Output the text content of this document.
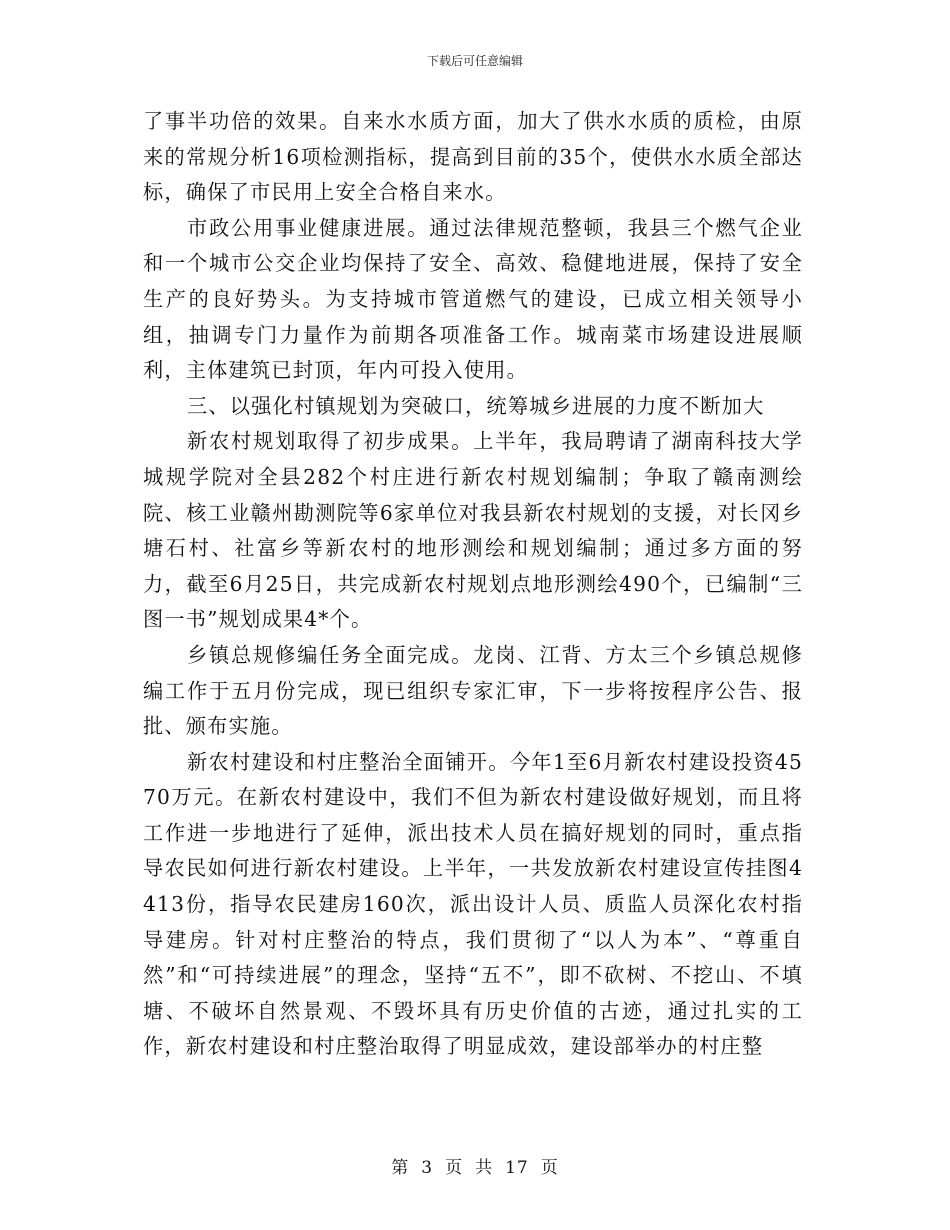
下载后可任意编辑

了事半功倍的效果。自来水水质方面，加大了供水水质的质检，由原来的常规分析16项检测指标，提高到目前的35个，使供水水质全部达标，确保了市民用上安全合格自来水。

市政公用事业健康进展。通过法律规范整顿，我县三个燃气企业和一个城市公交企业均保持了安全、高效、稳健地进展，保持了安全生产的良好势头。为支持城市管道燃气的建设，已成立相关领导小组，抽调专门力量作为前期各项准备工作。城南菜市场建设进展顺利，主体建筑已封顶，年内可投入使用。

三、以强化村镇规划为突破口，统筹城乡进展的力度不断加大

新农村规划取得了初步成果。上半年，我局聘请了湖南科技大学城规学院对全县282个村庄进行新农村规划编制；争取了赣南测绘院、核工业赣州勘测院等6家单位对我县新农村规划的支援，对长冈乡塘石村、社富乡等新农村的地形测绘和规划编制；通过多方面的努力，截至6月25日，共完成新农村规划点地形测绘490个，已编制“三图一书”规划成果4*个。

乡镇总规修编任务全面完成。龙岗、江背、方太三个乡镇总规修编工作于五月份完成，现已组织专家汇审，下一步将按程序公告、报批、颁布实施。

新农村建设和村庄整治全面铺开。今年1至6月新农村建设投资4570万元。在新农村建设中，我们不但为新农村建设做好规划，而且将工作进一步地进行了延伸，派出技术人员在搞好规划的同时，重点指导农民如何进行新农村建设。上半年，一共发放新农村建设宣传挂图4413份，指导农民建房160次，派出设计人员、质监人员深化农村指导建房。针对村庄整治的特点，我们贯彻了“以人为本”、“尊重自然”和“可持续进展”的理念，坚持“五不”，即不砍树、不挖山、不填塘、不破坏自然景观、不毁坏具有历史价值的古迹，通过扎实的工作，新农村建设和村庄整治取得了明显成效，建设部举办的村庄整

第 3 页 共 17 页
